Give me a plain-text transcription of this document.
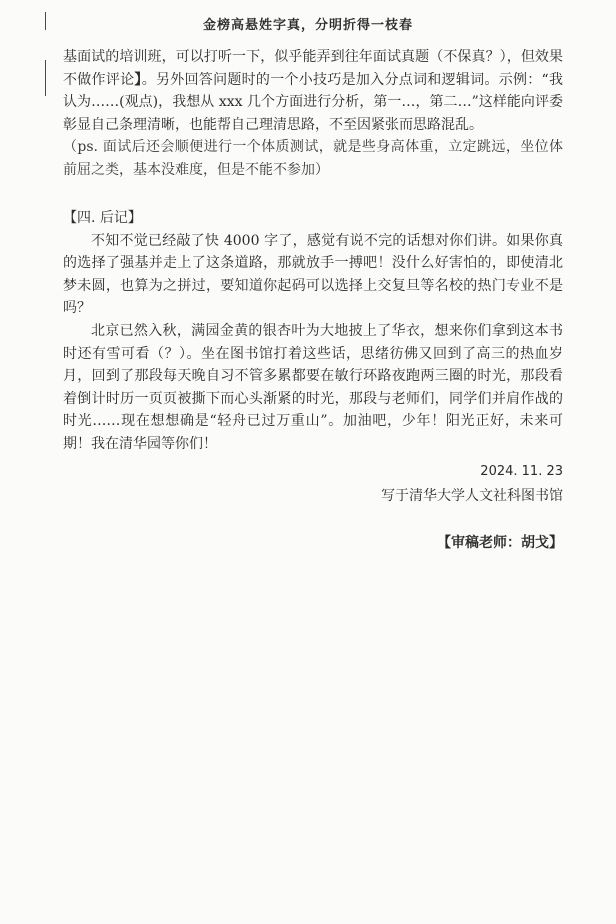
金榜高悬姓字真，分明折得一枝春

基面试的培训班，可以打听一下，似乎能弄到往年面试真题（不保真？），但效果不做作评论】。另外回答问题时的一个小技巧是加入分点词和逻辑词。示例：“我认为……(观点)，我想从 xxx 几个方面进行分析，第一…，第二…”这样能向评委彰显自己条理清晰，也能帮自己理清思路，不至因紧张而思路混乱。

（ps. 面试后还会顺便进行一个体质测试，就是些身高体重，立定跳远，坐位体前屈之类，基本没难度，但是不能不参加）

【四. 后记】

不知不觉已经敲了快 4000 字了，感觉有说不完的话想对你们讲。如果你真的选择了强基并走上了这条道路，那就放手一搏吧！没什么好害怕的，即使清北梦未圆，也算为之拼过，要知道你起码可以选择上交复旦等名校的热门专业不是吗？

北京已然入秋，满园金黄的银杏叶为大地披上了华衣，想来你们拿到这本书时还有雪可看（？）。坐在图书馆打着这些话，思绪彷佛又回到了高三的热血岁月，回到了那段每天晚自习不管多累都要在敏行环路夜跑两三圈的时光，那段看着倒计时历一页页被撕下而心头渐紧的时光，那段与老师们，同学们并肩作战的时光……现在想想确是“轻舟已过万重山”。加油吧，少年！阳光正好，未来可期！我在清华园等你们！

2024. 11. 23
写于清华大学人文社科图书馆
【审稿老师：胡戈】
